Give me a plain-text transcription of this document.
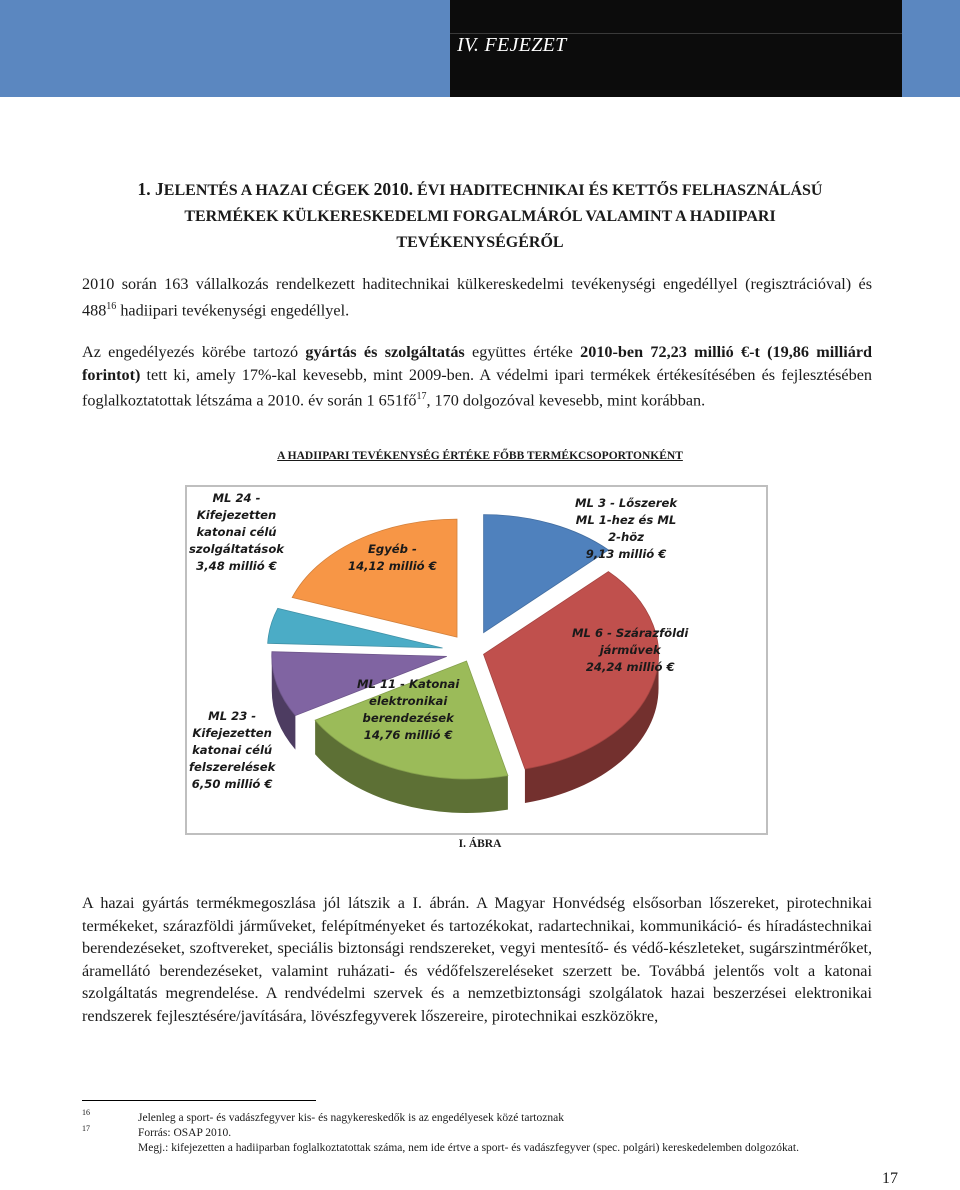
IV. FEJEZET
1. JELENTÉS A HAZAI CÉGEK 2010. ÉVI HADITECHNIKAI ÉS KETTŐS FELHASZNÁLÁSÚ
TERMÉKEK KÜLKERESKEDELMI FORGALMÁRÓL VALAMINT A HADIIPARI
TEVÉKENYSÉGÉRŐL
2010 során 163 vállalkozás rendelkezett haditechnikai külkereskedelmi tevékenységi engedéllyel (regisztrációval) és $488^{16}$ hadiipari tevékenységi engedéllyel.
Az engedélyezés körébe tartozó gyártás és szolgáltatás együttes értéke 2010-ben 72,23 millió €-t (19,86 milliárd forintot) tett ki, amely 17%-kal kevesebb, mint 2009-ben. A védelmi ipari termékek értékesítésében és fejlesztésében foglalkoztatottak létszáma a 2010. év során 1 $651fő^{17}$, 170 dolgozóval kevesebb, mint korábban.
A HADIIPARI TEVÉKENYSÉG ÉRTÉKE FŐBB TERMÉKCSOPORTONKÉNT
ML 3 - Lőszerek
ML 1-hez és ML
2-höz
9,13 millió €
ML 6 - Szárazföldi
járművek
24,24 millió €
ML 11 - Katonai
elektronikai
berendezések
14,76 millió €
ML 23 -
Kifejezetten
katonai célú
felszerelések
6,50 millió €
ML 24 -
Kifejezetten
katonai célú
szolgáltatások
3,48 millió €
Egyéb -
14,12 millió €
I. ÁBRA
A hazai gyártás termékmegoszlása jól látszik a I. ábrán. A Magyar Honvédség elsősorban lőszereket, pirotechnikai termékeket, szárazföldi járműveket, felépítményeket és tartozékokat, radartechnikai, kommunikáció- és híradástechnikai berendezéseket, szoftvereket, speciális biztonsági rendszereket, vegyi mentesítő- és védő-készleteket, sugárszintmérőket, áramellátó berendezéseket, valamint ruházati- és védőfelszereléseket szerzett be. Továbbá jelentős volt a katonai szolgáltatás megrendelése. A rendvédelmi szervek és a nemzetbiztonsági szolgálatok hazai beszerzései elektronikai rendszerek fejlesztésére/javítására, lövészfegyverek lőszereire, pirotechnikai eszközökre,
16	Jelenleg a sport- és vadászfegyver kis- és nagykereskedők is az engedélyesek közé tartoznak
17	Forrás: OSAP 2010.
Megj.: kifejezetten a hadiiparban foglalkoztatottak száma, nem ide értve a sport- és vadászfegyver (spec. polgári) kereskedelemben dolgozókat.
17
